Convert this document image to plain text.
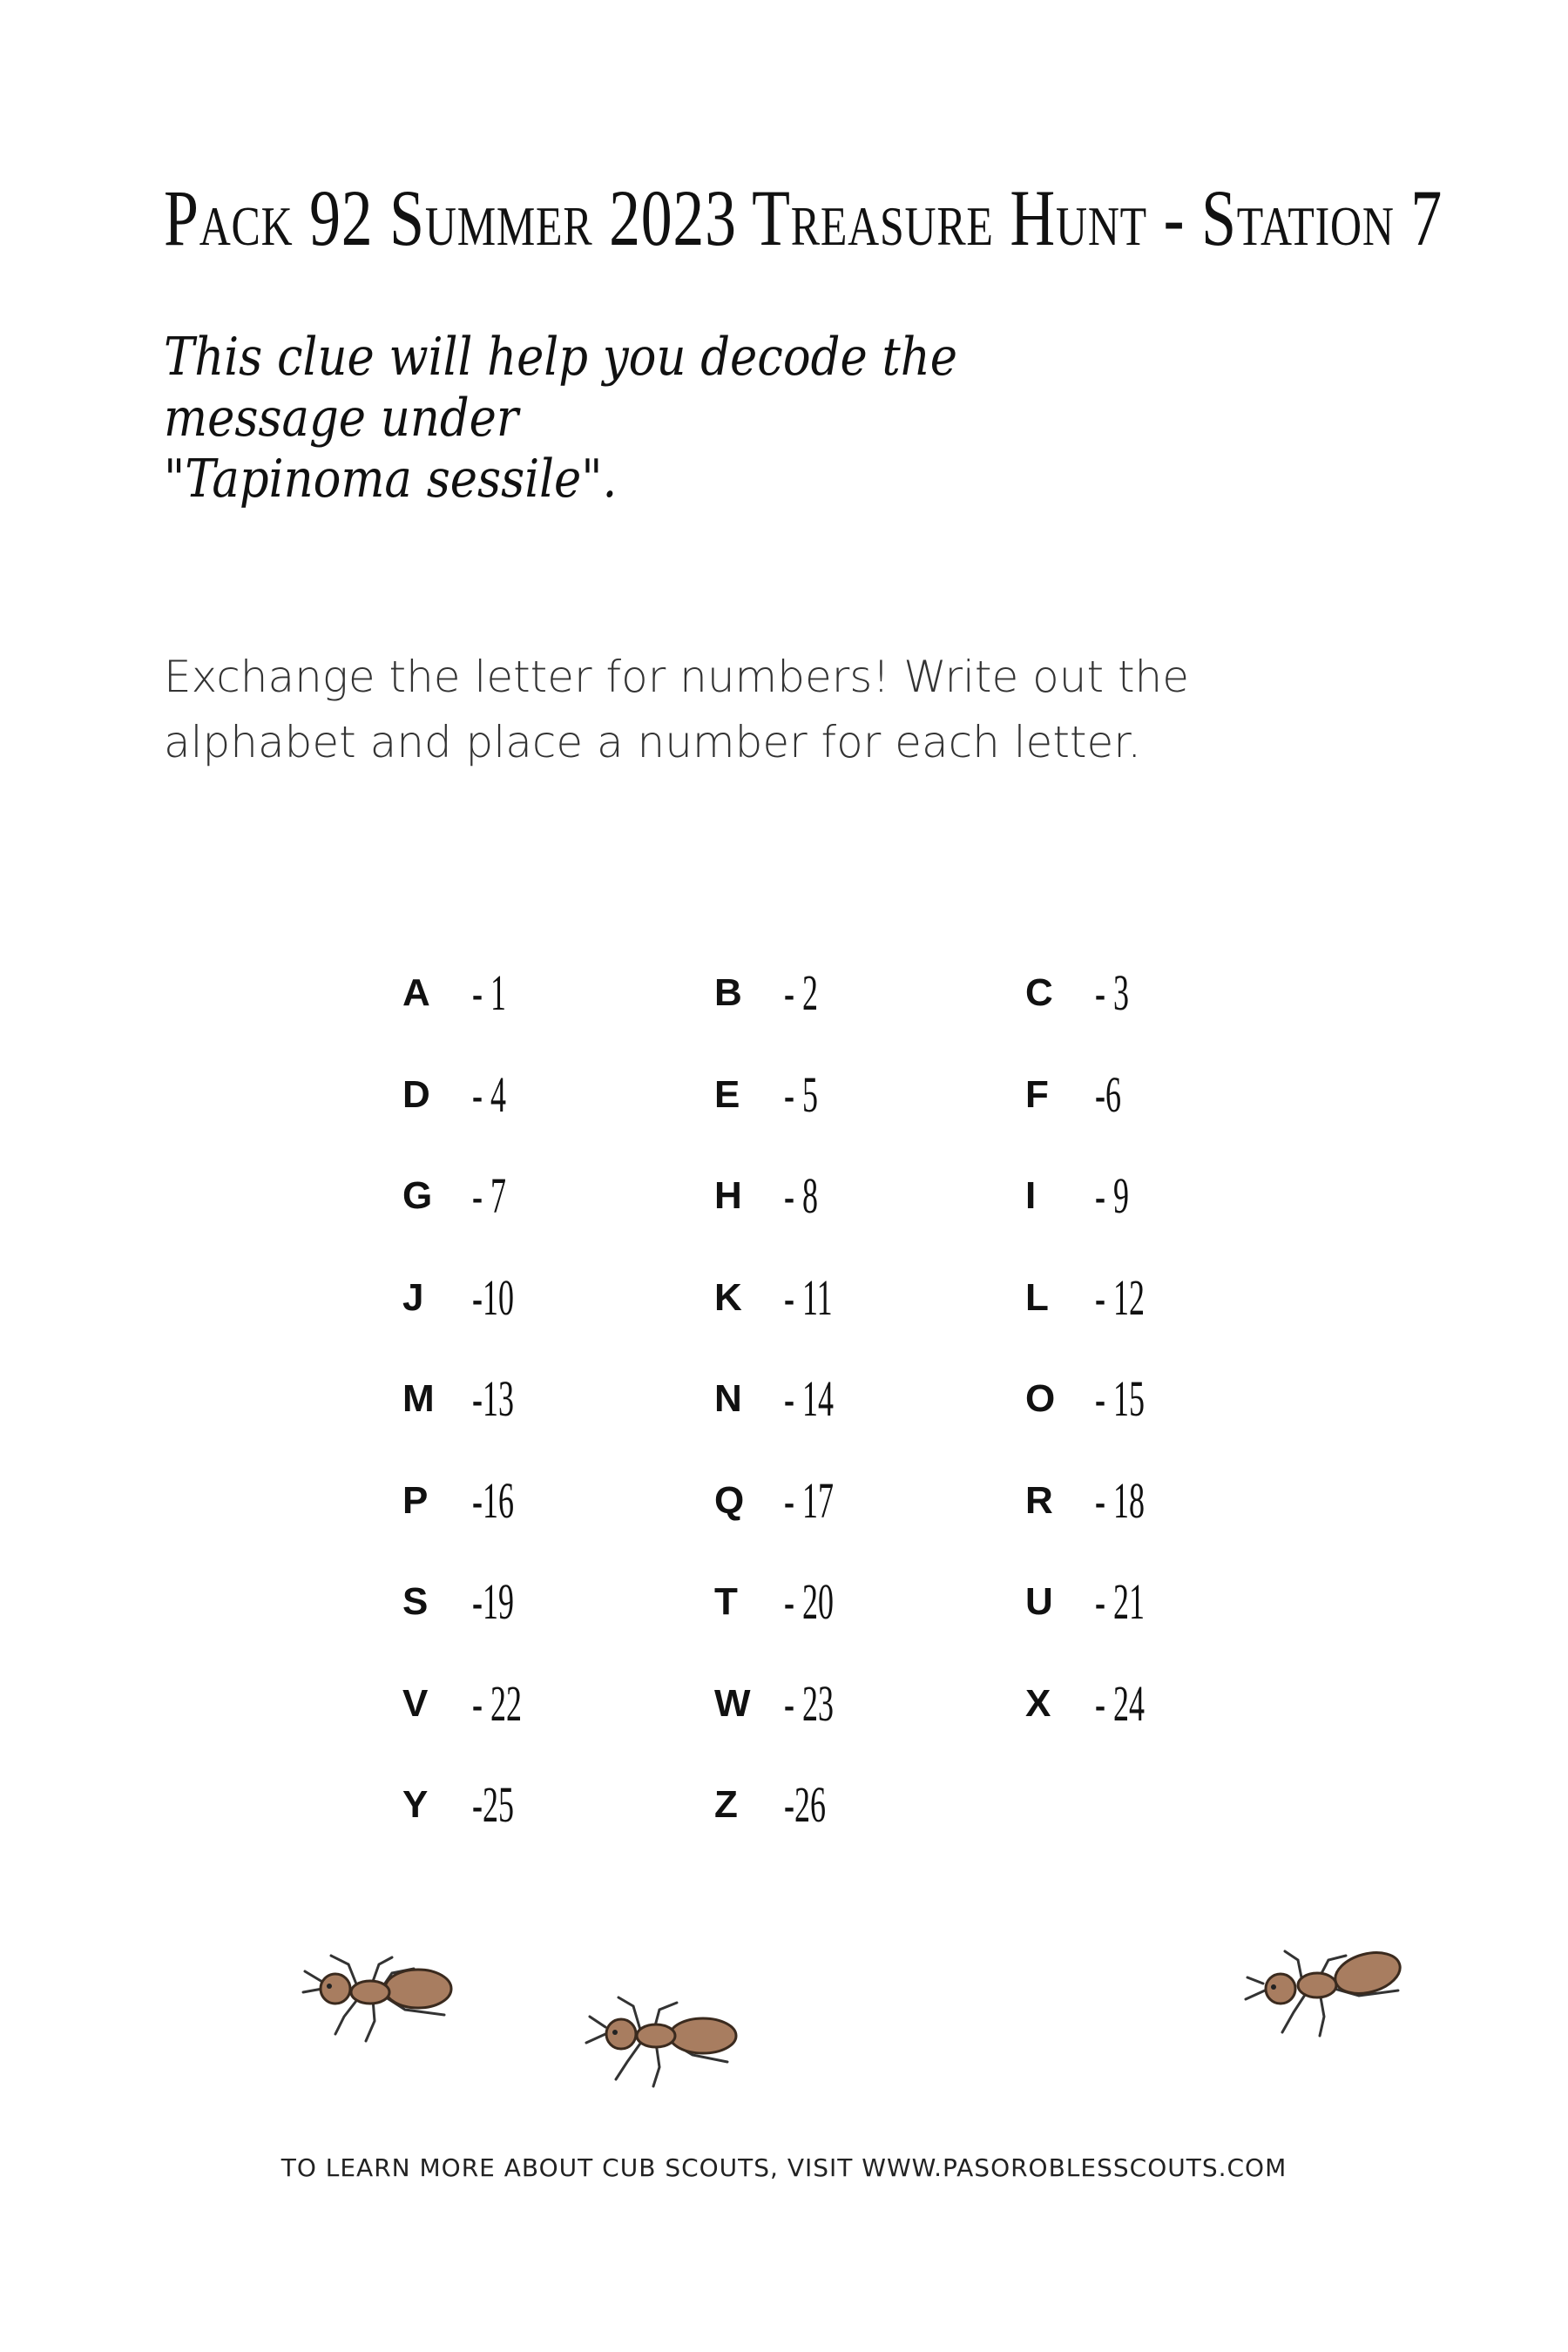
Pack 92 Summer 2023 Treasure Hunt - Station 7
This clue will help you decode the message under
"Tapinoma sessile".
Exchange the letter for numbers! Write out the
alphabet and place a number for each letter.
A - 1	B - 2	C - 3
D - 4	E - 5	F -6
G - 7	H - 8	I - 9
J -10	K - 11	L - 12
M -13	N - 14	O - 15
P -16	Q - 17	R - 18
S -19	T - 20	U - 21
V - 22	W - 23	X - 24
Y -25	Z -26
TO LEARN MORE ABOUT CUB SCOUTS, VISIT WWW.PASOROBLESSCOUTS.COM
